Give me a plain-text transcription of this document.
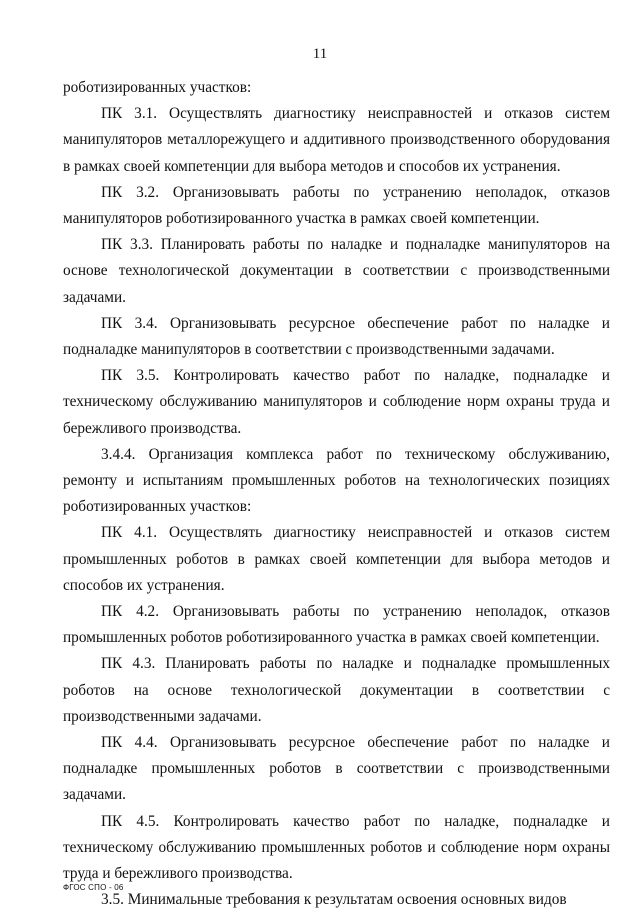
11

роботизированных участков:

ПК 3.1. Осуществлять диагностику неисправностей и отказов систем манипуляторов металлорежущего и аддитивного производственного оборудования в рамках своей компетенции для выбора методов и способов их устранения.

ПК 3.2. Организовывать работы по устранению неполадок, отказов манипуляторов роботизированного участка в рамках своей компетенции.

ПК 3.3. Планировать работы по наладке и подналадке манипуляторов на основе технологической документации в соответствии с производственными задачами.

ПК 3.4. Организовывать ресурсное обеспечение работ по наладке и подналадке манипуляторов в соответствии с производственными задачами.

ПК 3.5. Контролировать качество работ по наладке, подналадке и техническому обслуживанию манипуляторов и соблюдение норм охраны труда и бережливого производства.

3.4.4. Организация комплекса работ по техническому обслуживанию, ремонту и испытаниям промышленных роботов на технологических позициях роботизированных участков:

ПК 4.1. Осуществлять диагностику неисправностей и отказов систем промышленных роботов в рамках своей компетенции для выбора методов и способов их устранения.

ПК 4.2. Организовывать работы по устранению неполадок, отказов промышленных роботов роботизированного участка в рамках своей компетенции.

ПК 4.3. Планировать работы по наладке и подналадке промышленных роботов на основе технологической документации в соответствии с производственными задачами.

ПК 4.4. Организовывать ресурсное обеспечение работ по наладке и подналадке промышленных роботов в соответствии с производственными задачами.

ПК 4.5. Контролировать качество работ по наладке, подналадке и техническому обслуживанию промышленных роботов и соблюдение норм охраны труда и бережливого производства.

3.5. Минимальные требования к результатам освоения основных видов

ФГОС СПО - 06
